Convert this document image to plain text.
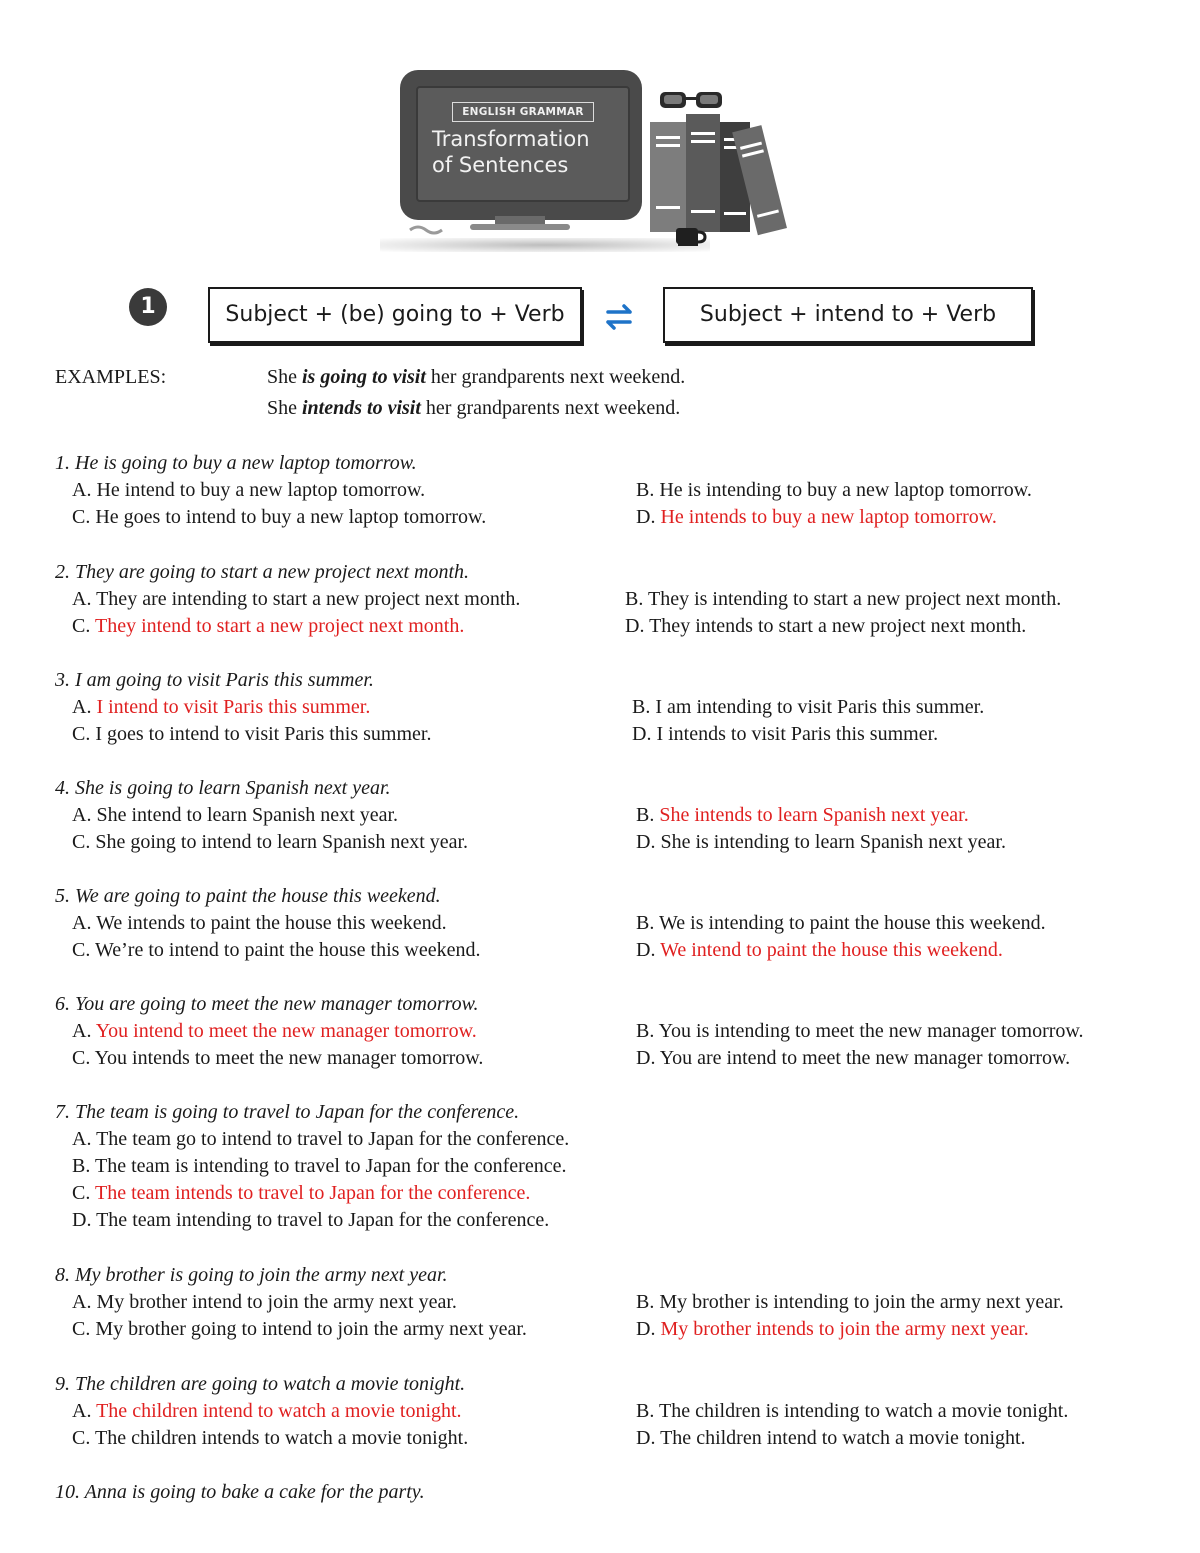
ENGLISH GRAMMAR
Transformation
of Sentences
1	Subject + (be) going to + Verb	Subject + intend to + Verb
EXAMPLES:	She is going to visit her grandparents next weekend.
She intends to visit her grandparents next weekend.
1. He is going to buy a new laptop tomorrow.
A. He intend to buy a new laptop tomorrow.	B. He is intending to buy a new laptop tomorrow.
C. He goes to intend to buy a new laptop tomorrow.	D. He intends to buy a new laptop tomorrow.
2. They are going to start a new project next month.
A. They are intending to start a new project next month.	B. They is intending to start a new project next month.
C. They intend to start a new project next month.	D. They intends to start a new project next month.
3. I am going to visit Paris this summer.
A. I intend to visit Paris this summer.	B. I am intending to visit Paris this summer.
C. I goes to intend to visit Paris this summer.	D. I intends to visit Paris this summer.
4. She is going to learn Spanish next year.
A. She intend to learn Spanish next year.	B. She intends to learn Spanish next year.
C. She going to intend to learn Spanish next year.	D. She is intending to learn Spanish next year.
5. We are going to paint the house this weekend.
A. We intends to paint the house this weekend.	B. We is intending to paint the house this weekend.
C. We’re to intend to paint the house this weekend.	D. We intend to paint the house this weekend.
6. You are going to meet the new manager tomorrow.
A. You intend to meet the new manager tomorrow.	B. You is intending to meet the new manager tomorrow.
C. You intends to meet the new manager tomorrow.	D. You are intend to meet the new manager tomorrow.
7. The team is going to travel to Japan for the conference.
A. The team go to intend to travel to Japan for the conference.
B. The team is intending to travel to Japan for the conference.
C. The team intends to travel to Japan for the conference.
D. The team intending to travel to Japan for the conference.
8. My brother is going to join the army next year.
A. My brother intend to join the army next year.	B. My brother is intending to join the army next year.
C. My brother going to intend to join the army next year.	D. My brother intends to join the army next year.
9. The children are going to watch a movie tonight.
A. The children intend to watch a movie tonight.	B. The children is intending to watch a movie tonight.
C. The children intends to watch a movie tonight.	D. The children intend to watch a movie tonight.
10. Anna is going to bake a cake for the party.
